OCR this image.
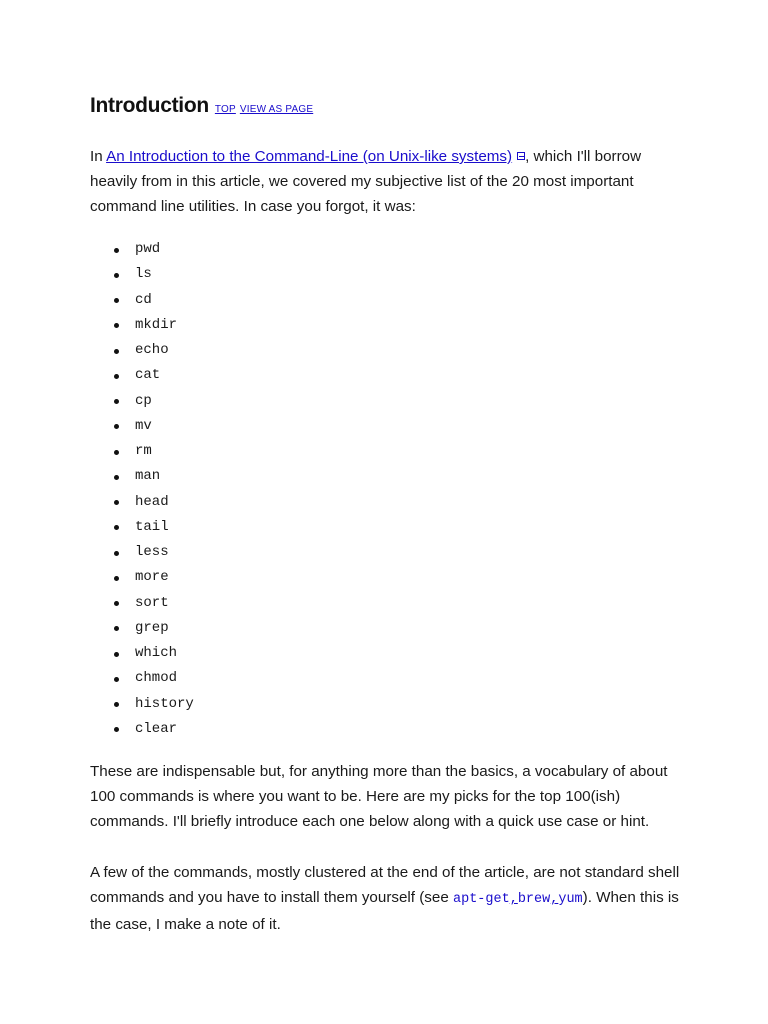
Introduction TOP VIEW AS PAGE

In An Introduction to the Command-Line (on Unix-like systems) , which I'll borrow heavily from in this article, we covered my subjective list of the 20 most important command line utilities. In case you forgot, it was:

pwd
ls
cd
mkdir
echo
cat
cp
mv
rm
man
head
tail
less
more
sort
grep
which
chmod
history
clear

These are indispensable but, for anything more than the basics, a vocabulary of about 100 commands is where you want to be. Here are my picks for the top 100(ish) commands. I'll briefly introduce each one below along with a quick use case or hint.

A few of the commands, mostly clustered at the end of the article, are not standard shell commands and you have to install them yourself (see apt-get,brew,yum). When this is the case, I make a note of it.
